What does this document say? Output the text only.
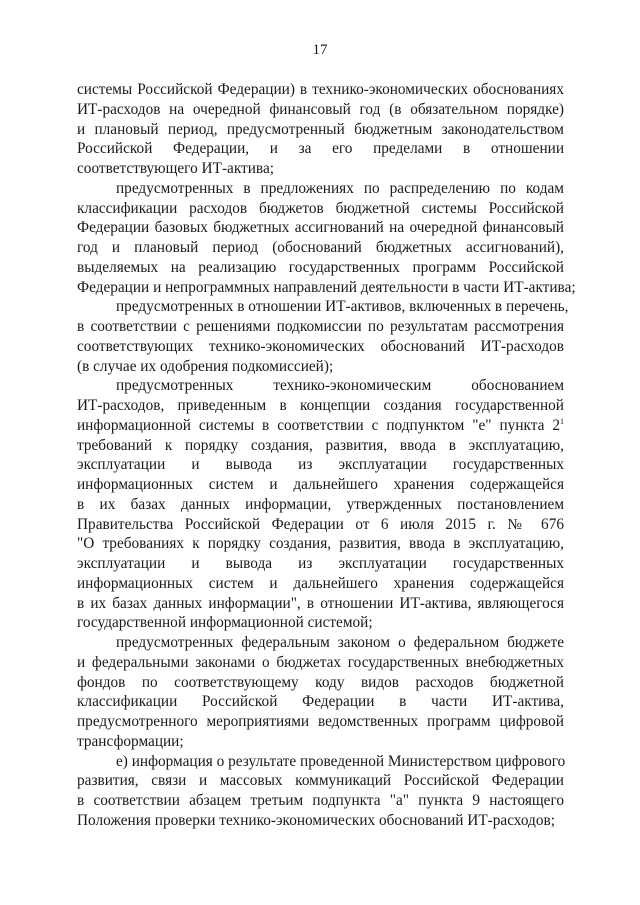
17
системы Российской Федерации) в технико-экономических обоснованиях
ИТ-расходов на очередной финансовый год (в обязательном порядке)
и плановый период, предусмотренный бюджетным законодательством
Российской Федерации, и за его пределами в отношении
соответствующего ИТ-актива;
предусмотренных в предложениях по распределению по кодам
классификации расходов бюджетов бюджетной системы Российской
Федерации базовых бюджетных ассигнований на очередной финансовый
год и плановый период (обоснований бюджетных ассигнований),
выделяемых на реализацию государственных программ Российской
Федерации и непрограммных направлений деятельности в части ИТ-актива;
предусмотренных в отношении ИТ-активов, включенных в перечень,
в соответствии с решениями подкомиссии по результатам рассмотрения
соответствующих технико-экономических обоснований ИТ-расходов
(в случае их одобрения подкомиссией);
предусмотренных технико-экономическим обоснованием
ИТ-расходов, приведенным в концепции создания государственной
информационной системы в соответствии с подпунктом "е" пункта $2^1$
требований к порядку создания, развития, ввода в эксплуатацию,
эксплуатации и вывода из эксплуатации государственных
информационных систем и дальнейшего хранения содержащейся
в их базах данных информации, утвержденных постановлением
Правительства Российской Федерации от 6 июля 2015 г. № 676
"О требованиях к порядку создания, развития, ввода в эксплуатацию,
эксплуатации и вывода из эксплуатации государственных
информационных систем и дальнейшего хранения содержащейся
в их базах данных информации", в отношении ИТ-актива, являющегося
государственной информационной системой;
предусмотренных федеральным законом о федеральном бюджете
и федеральными законами о бюджетах государственных внебюджетных
фондов по соответствующему коду видов расходов бюджетной
классификации Российской Федерации в части ИТ-актива,
предусмотренного мероприятиями ведомственных программ цифровой
трансформации;
е) информация о результате проведенной Министерством цифрового
развития, связи и массовых коммуникаций Российской Федерации
в соответствии абзацем третьим подпункта "а" пункта 9 настоящего
Положения проверки технико-экономических обоснований ИТ-расходов;
